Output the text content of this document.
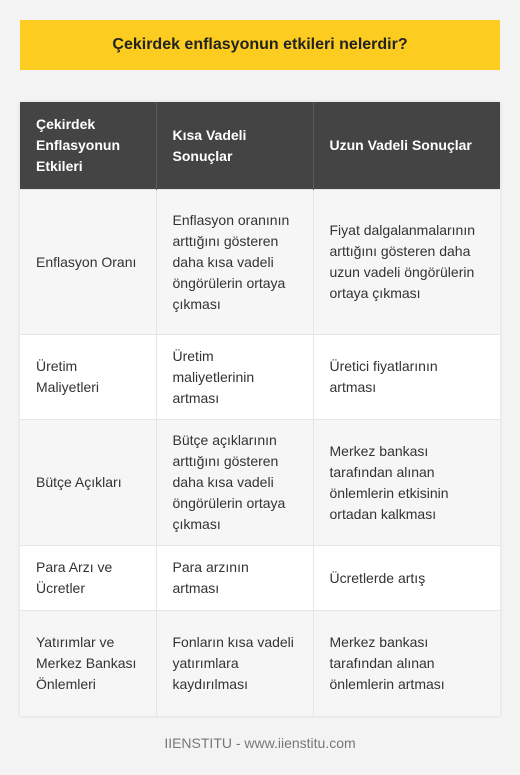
Çekirdek enflasyonun etkileri nelerdir?
Çekirdek Enflasyonun Etkileri	Kısa Vadeli Sonuçlar	Uzun Vadeli Sonuçlar
Enflasyon Oranı	Enflasyon oranının arttığını gösteren daha kısa vadeli öngörülerin ortaya çıkması	Fiyat dalgalanmalarının arttığını gösteren daha uzun vadeli öngörülerin ortaya çıkması
Üretim Maliyetleri	Üretim maliyetlerinin artması	Üretici fiyatlarının artması
Bütçe Açıkları	Bütçe açıklarının arttığını gösteren daha kısa vadeli öngörülerin ortaya çıkması	Merkez bankası tarafından alınan önlemlerin etkisinin ortadan kalkması
Para Arzı ve Ücretler	Para arzının artması	Ücretlerde artış
Yatırımlar ve Merkez Bankası Önlemleri	Fonların kısa vadeli yatırımlara kaydırılması	Merkez bankası tarafından alınan önlemlerin artması
IIENSTITU - www.iienstitu.com
